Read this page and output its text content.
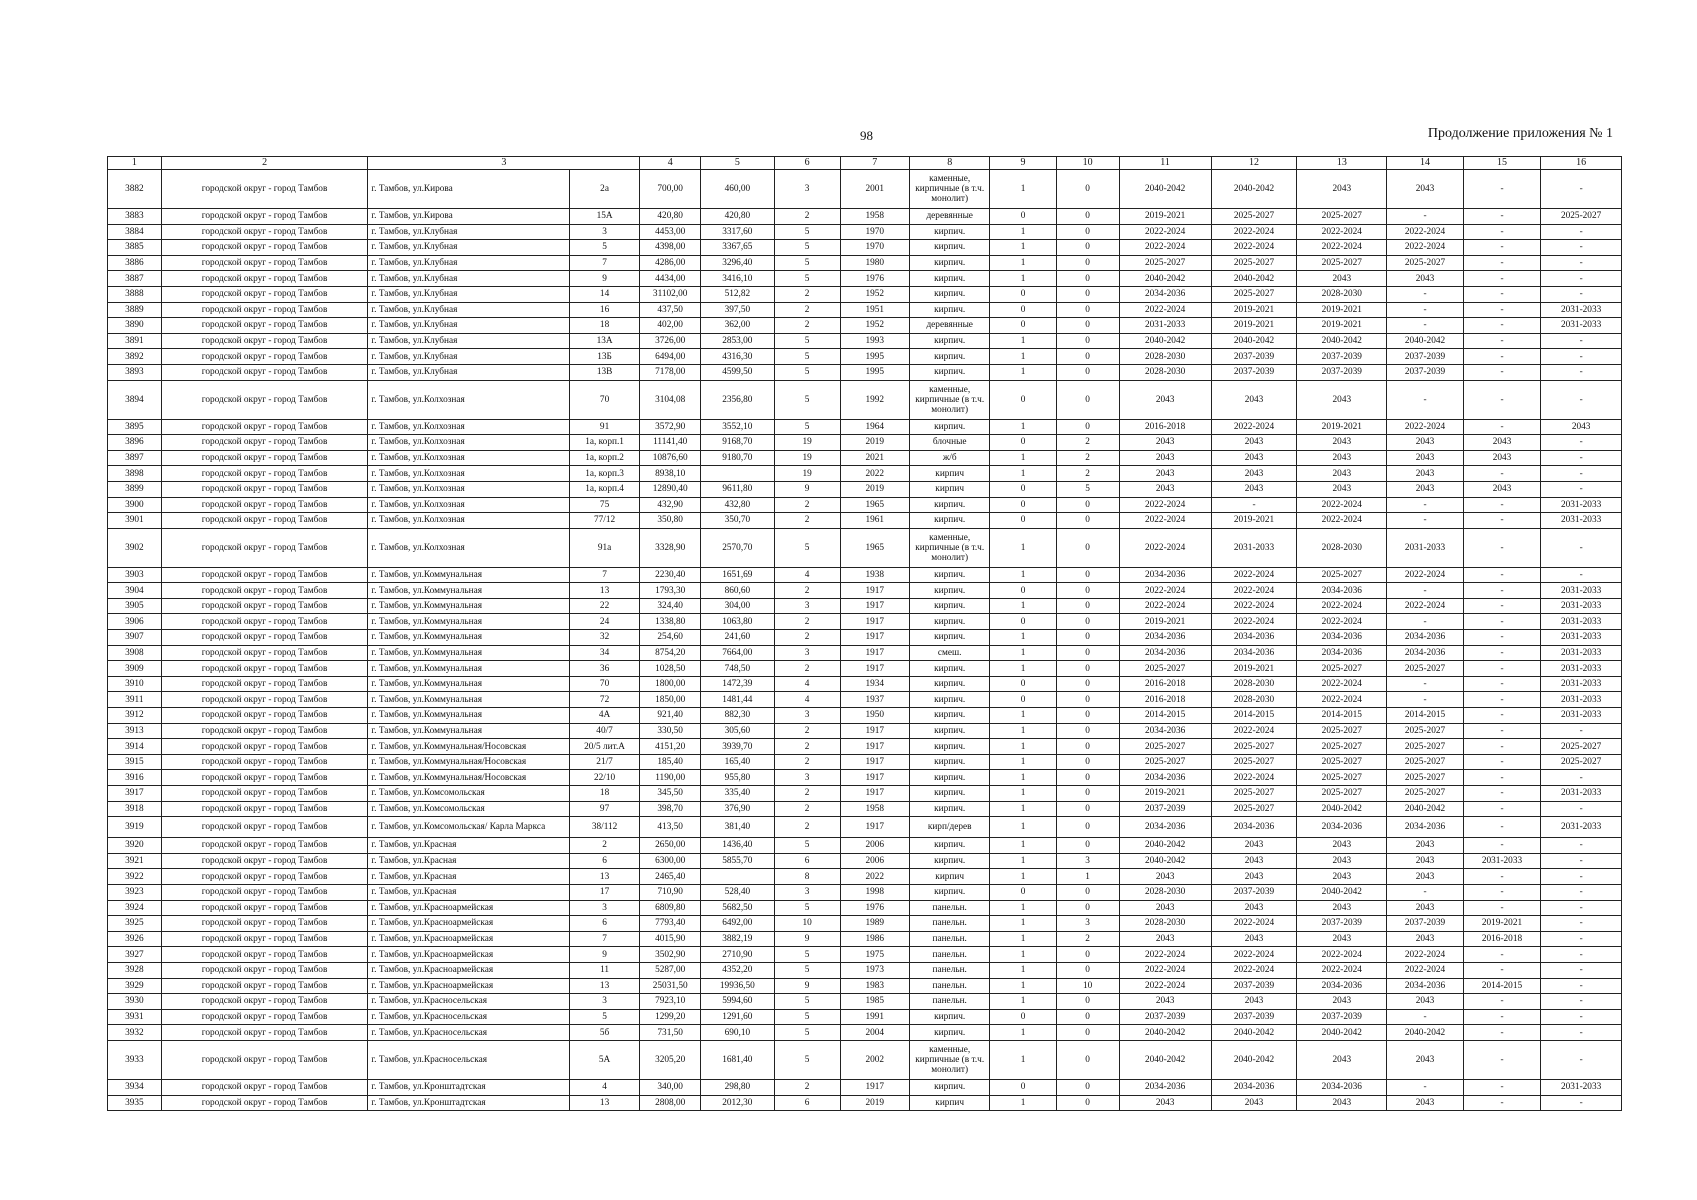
98	Продолжение приложения № 1
1	2	3		4	5	6	7	8	9	10	11	12	13	14	15	16
3882	городской округ - город Тамбов	г. Тамбов, ул.Кирова	2а	700,00	460,00	3	2001	каменные, кирпичные (в т.ч. монолит)	1	0	2040-2042	2040-2042	2043	2043	-	-
3883	городской округ - город Тамбов	г. Тамбов, ул.Кирова	15А	420,80	420,80	2	1958	деревянные	0	0	2019-2021	2025-2027	2025-2027	-	-	2025-2027
3884	городской округ - город Тамбов	г. Тамбов, ул.Клубная	3	4453,00	3317,60	5	1970	кирпич.	1	0	2022-2024	2022-2024	2022-2024	2022-2024	-	-
3885	городской округ - город Тамбов	г. Тамбов, ул.Клубная	5	4398,00	3367,65	5	1970	кирпич.	1	0	2022-2024	2022-2024	2022-2024	2022-2024	-	-
3886	городской округ - город Тамбов	г. Тамбов, ул.Клубная	7	4286,00	3296,40	5	1980	кирпич.	1	0	2025-2027	2025-2027	2025-2027	2025-2027	-	-
3887	городской округ - город Тамбов	г. Тамбов, ул.Клубная	9	4434,00	3416,10	5	1976	кирпич.	1	0	2040-2042	2040-2042	2043	2043	-	-
3888	городской округ - город Тамбов	г. Тамбов, ул.Клубная	14	31102,00	512,82	2	1952	кирпич.	0	0	2034-2036	2025-2027	2028-2030	-	-	-
3889	городской округ - город Тамбов	г. Тамбов, ул.Клубная	16	437,50	397,50	2	1951	кирпич.	0	0	2022-2024	2019-2021	2019-2021	-	-	2031-2033
3890	городской округ - город Тамбов	г. Тамбов, ул.Клубная	18	402,00	362,00	2	1952	деревянные	0	0	2031-2033	2019-2021	2019-2021	-	-	2031-2033
3891	городской округ - город Тамбов	г. Тамбов, ул.Клубная	13А	3726,00	2853,00	5	1993	кирпич.	1	0	2040-2042	2040-2042	2040-2042	2040-2042	-	-
3892	городской округ - город Тамбов	г. Тамбов, ул.Клубная	13Б	6494,00	4316,30	5	1995	кирпич.	1	0	2028-2030	2037-2039	2037-2039	2037-2039	-	-
3893	городской округ - город Тамбов	г. Тамбов, ул.Клубная	13В	7178,00	4599,50	5	1995	кирпич.	1	0	2028-2030	2037-2039	2037-2039	2037-2039	-	-
3894	городской округ - город Тамбов	г. Тамбов, ул.Колхозная	70	3104,08	2356,80	5	1992	каменные, кирпичные (в т.ч. монолит)	0	0	2043	2043	2043	-	-	-
3895	городской округ - город Тамбов	г. Тамбов, ул.Колхозная	91	3572,90	3552,10	5	1964	кирпич.	1	0	2016-2018	2022-2024	2019-2021	2022-2024	-	2043
3896	городской округ - город Тамбов	г. Тамбов, ул.Колхозная	1а, корп.1	11141,40	9168,70	19	2019	блочные	0	2	2043	2043	2043	2043	2043	-
3897	городской округ - город Тамбов	г. Тамбов, ул.Колхозная	1а, корп.2	10876,60	9180,70	19	2021	ж/б	1	2	2043	2043	2043	2043	2043	-
3898	городской округ - город Тамбов	г. Тамбов, ул.Колхозная	1а, корп.3	8938,10		19	2022	кирпич	1	2	2043	2043	2043	2043	-	-
3899	городской округ - город Тамбов	г. Тамбов, ул.Колхозная	1а, корп.4	12890,40	9611,80	9	2019	кирпич	0	5	2043	2043	2043	2043	2043	-
3900	городской округ - город Тамбов	г. Тамбов, ул.Колхозная	75	432,90	432,80	2	1965	кирпич.	0	0	2022-2024	-	2022-2024	-	-	2031-2033
3901	городской округ - город Тамбов	г. Тамбов, ул.Колхозная	77/12	350,80	350,70	2	1961	кирпич.	0	0	2022-2024	2019-2021	2022-2024	-	-	2031-2033
3902	городской округ - город Тамбов	г. Тамбов, ул.Колхозная	91а	3328,90	2570,70	5	1965	каменные, кирпичные (в т.ч. монолит)	1	0	2022-2024	2031-2033	2028-2030	2031-2033	-	-
3903	городской округ - город Тамбов	г. Тамбов, ул.Коммунальная	7	2230,40	1651,69	4	1938	кирпич.	1	0	2034-2036	2022-2024	2025-2027	2022-2024	-	-
3904	городской округ - город Тамбов	г. Тамбов, ул.Коммунальная	13	1793,30	860,60	2	1917	кирпич.	0	0	2022-2024	2022-2024	2034-2036	-	-	2031-2033
3905	городской округ - город Тамбов	г. Тамбов, ул.Коммунальная	22	324,40	304,00	3	1917	кирпич.	1	0	2022-2024	2022-2024	2022-2024	2022-2024	-	2031-2033
3906	городской округ - город Тамбов	г. Тамбов, ул.Коммунальная	24	1338,80	1063,80	2	1917	кирпич.	0	0	2019-2021	2022-2024	2022-2024	-	-	2031-2033
3907	городской округ - город Тамбов	г. Тамбов, ул.Коммунальная	32	254,60	241,60	2	1917	кирпич.	1	0	2034-2036	2034-2036	2034-2036	2034-2036	-	2031-2033
3908	городской округ - город Тамбов	г. Тамбов, ул.Коммунальная	34	8754,20	7664,00	3	1917	смеш.	1	0	2034-2036	2034-2036	2034-2036	2034-2036	-	2031-2033
3909	городской округ - город Тамбов	г. Тамбов, ул.Коммунальная	36	1028,50	748,50	2	1917	кирпич.	1	0	2025-2027	2019-2021	2025-2027	2025-2027	-	2031-2033
3910	городской округ - город Тамбов	г. Тамбов, ул.Коммунальная	70	1800,00	1472,39	4	1934	кирпич.	0	0	2016-2018	2028-2030	2022-2024	-	-	2031-2033
3911	городской округ - город Тамбов	г. Тамбов, ул.Коммунальная	72	1850,00	1481,44	4	1937	кирпич.	0	0	2016-2018	2028-2030	2022-2024	-	-	2031-2033
3912	городской округ - город Тамбов	г. Тамбов, ул.Коммунальная	4А	921,40	882,30	3	1950	кирпич.	1	0	2014-2015	2014-2015	2014-2015	2014-2015	-	2031-2033
3913	городской округ - город Тамбов	г. Тамбов, ул.Коммунальная	40/7	330,50	305,60	2	1917	кирпич.	1	0	2034-2036	2022-2024	2025-2027	2025-2027	-	-
3914	городской округ - город Тамбов	г. Тамбов, ул.Коммунальная/Носовская	20/5 лит.А	4151,20	3939,70	2	1917	кирпич.	1	0	2025-2027	2025-2027	2025-2027	2025-2027	-	2025-2027
3915	городской округ - город Тамбов	г. Тамбов, ул.Коммунальная/Носовская	21/7	185,40	165,40	2	1917	кирпич.	1	0	2025-2027	2025-2027	2025-2027	2025-2027	-	2025-2027
3916	городской округ - город Тамбов	г. Тамбов, ул.Коммунальная/Носовская	22/10	1190,00	955,80	3	1917	кирпич.	1	0	2034-2036	2022-2024	2025-2027	2025-2027	-	-
3917	городской округ - город Тамбов	г. Тамбов, ул.Комсомольская	18	345,50	335,40	2	1917	кирпич.	1	0	2019-2021	2025-2027	2025-2027	2025-2027	-	2031-2033
3918	городской округ - город Тамбов	г. Тамбов, ул.Комсомольская	97	398,70	376,90	2	1958	кирпич.	1	0	2037-2039	2025-2027	2040-2042	2040-2042	-	-
3919	городской округ - город Тамбов	г. Тамбов, ул.Комсомольская/ Карла Маркса	38/112	413,50	381,40	2	1917	кирп/дерев	1	0	2034-2036	2034-2036	2034-2036	2034-2036	-	2031-2033
3920	городской округ - город Тамбов	г. Тамбов, ул.Красная	2	2650,00	1436,40	5	2006	кирпич.	1	0	2040-2042	2043	2043	2043	-	-
3921	городской округ - город Тамбов	г. Тамбов, ул.Красная	6	6300,00	5855,70	6	2006	кирпич.	1	3	2040-2042	2043	2043	2043	2031-2033	-
3922	городской округ - город Тамбов	г. Тамбов, ул.Красная	13	2465,40		8	2022	кирпич	1	1	2043	2043	2043	2043	-	-
3923	городской округ - город Тамбов	г. Тамбов, ул.Красная	17	710,90	528,40	3	1998	кирпич.	0	0	2028-2030	2037-2039	2040-2042	-	-	-
3924	городской округ - город Тамбов	г. Тамбов, ул.Красноармейская	3	6809,80	5682,50	5	1976	панельн.	1	0	2043	2043	2043	2043	-	-
3925	городской округ - город Тамбов	г. Тамбов, ул.Красноармейская	6	7793,40	6492,00	10	1989	панельн.	1	3	2028-2030	2022-2024	2037-2039	2037-2039	2019-2021	-
3926	городской округ - город Тамбов	г. Тамбов, ул.Красноармейская	7	4015,90	3882,19	9	1986	панельн.	1	2	2043	2043	2043	2043	2016-2018	-
3927	городской округ - город Тамбов	г. Тамбов, ул.Красноармейская	9	3502,90	2710,90	5	1975	панельн.	1	0	2022-2024	2022-2024	2022-2024	2022-2024	-	-
3928	городской округ - город Тамбов	г. Тамбов, ул.Красноармейская	11	5287,00	4352,20	5	1973	панельн.	1	0	2022-2024	2022-2024	2022-2024	2022-2024	-	-
3929	городской округ - город Тамбов	г. Тамбов, ул.Красноармейская	13	25031,50	19936,50	9	1983	панельн.	1	10	2022-2024	2037-2039	2034-2036	2034-2036	2014-2015	-
3930	городской округ - город Тамбов	г. Тамбов, ул.Красносельская	3	7923,10	5994,60	5	1985	панельн.	1	0	2043	2043	2043	2043	-	-
3931	городской округ - город Тамбов	г. Тамбов, ул.Красносельская	5	1299,20	1291,60	5	1991	кирпич.	0	0	2037-2039	2037-2039	2037-2039	-	-	-
3932	городской округ - город Тамбов	г. Тамбов, ул.Красносельская	5б	731,50	690,10	5	2004	кирпич.	1	0	2040-2042	2040-2042	2040-2042	2040-2042	-	-
3933	городской округ - город Тамбов	г. Тамбов, ул.Красносельская	5А	3205,20	1681,40	5	2002	каменные, кирпичные (в т.ч. монолит)	1	0	2040-2042	2040-2042	2043	2043	-	-
3934	городской округ - город Тамбов	г. Тамбов, ул.Кронштадтская	4	340,00	298,80	2	1917	кирпич.	0	0	2034-2036	2034-2036	2034-2036	-	-	2031-2033
3935	городской округ - город Тамбов	г. Тамбов, ул.Кронштадтская	13	2808,00	2012,30	6	2019	кирпич	1	0	2043	2043	2043	2043	-	-
